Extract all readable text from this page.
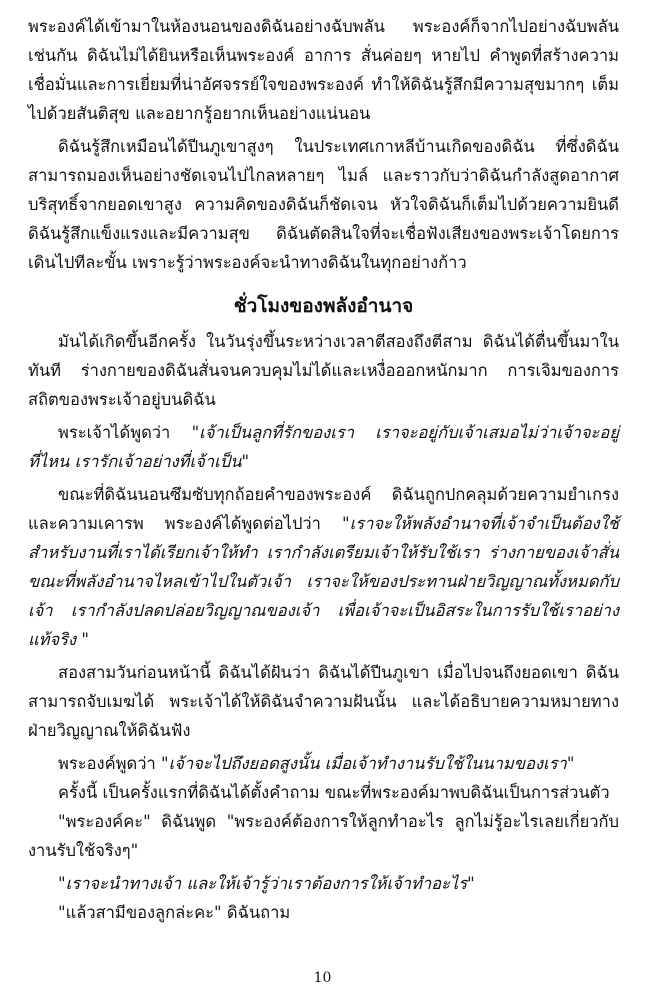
พระองค์ได้เข้ามาในห้องนอนของดิฉันอย่างฉับพลัน พระองค์ก็จากไปอย่างฉับพลันเช่นกัน ดิฉันไม่ได้ยินหรือเห็นพระองค์ อาการ สั่นค่อยๆ หายไป คำพูดที่สร้างความเชื่อมั่นและการเยี่ยมที่น่าอัศจรรย์ใจของพระองค์ ทำให้ดิฉันรู้สึกมีความสุขมากๆ เต็มไปด้วยสันติสุข และอยากรู้อยากเห็นอย่างแน่นอน

ดิฉันรู้สึกเหมือนได้ปีนภูเขาสูงๆ ในประเทศเกาหลีบ้านเกิดของดิฉัน ที่ซึ่งดิฉันสามารถมองเห็นอย่างชัดเจนไปไกลหลายๆ ไมล์ และราวกับว่าดิฉันกำลังสูดอากาศบริสุทธิ์จากยอดเขาสูง ความคิดของดิฉันก็ชัดเจน หัวใจดิฉันก็เต็มไปด้วยความยินดี ดิฉันรู้สึกแข็งแรงและมีความสุข ดิฉันตัดสินใจที่จะเชื่อฟังเสียงของพระเจ้าโดยการเดินไปทีละขั้น เพราะรู้ว่าพระองค์จะนำทางดิฉันในทุกอย่างก้าว

ชั่วโมงของพลังอำนาจ

มันได้เกิดขึ้นอีกครั้ง ในวันรุ่งขึ้นระหว่างเวลาตีสองถึงตีสาม ดิฉันได้ตื่นขึ้นมาในทันที ร่างกายของดิฉันสั่นจนควบคุมไม่ได้และเหงื่อออกหนักมาก การเจิมของการสถิตของพระเจ้าอยู่บนดิฉัน

พระเจ้าได้พูดว่า "เจ้าเป็นลูกที่รักของเรา เราจะอยู่กับเจ้าเสมอไม่ว่าเจ้าจะอยู่ที่ไหน เรารักเจ้าอย่างที่เจ้าเป็น"

ขณะที่ดิฉันนอนซึมซับทุกถ้อยคำของพระองค์ ดิฉันถูกปกคลุมด้วยความยำเกรงและความเคารพ พระองค์ได้พูดต่อไปว่า "เราจะให้พลังอำนาจที่เจ้าจำเป็นต้องใช้สำหรับงานที่เราได้เรียกเจ้าให้ทำ เรากำลังเตรียมเจ้าให้รับใช้เรา ร่างกายของเจ้าสั่นขณะที่พลังอำนาจไหลเข้าไปในตัวเจ้า เราจะให้ของประทานฝ่ายวิญญาณทั้งหมดกับเจ้า เรากำลังปลดปล่อยวิญญาณของเจ้า เพื่อเจ้าจะเป็นอิสระในการรับใช้เราอย่างแท้จริง "

สองสามวันก่อนหน้านี้ ดิฉันได้ฝันว่า ดิฉันได้ปีนภูเขา เมื่อไปจนถึงยอดเขา ดิฉันสามารถจับเมฆได้ พระเจ้าได้ให้ดิฉันจำความฝันนั้น และได้อธิบายความหมายทางฝ่ายวิญญาณให้ดิฉันฟัง

พระองค์พูดว่า "เจ้าจะไปถึงยอดสูงนั้น เมื่อเจ้าทำงานรับใช้ในนามของเรา"

ครั้งนี้ เป็นครั้งแรกที่ดิฉันได้ตั้งคำถาม ขณะที่พระองค์มาพบดิฉันเป็นการส่วนตัว

"พระองค์คะ" ดิฉันพูด "พระองค์ต้องการให้ลูกทำอะไร ลูกไม่รู้อะไรเลยเกี่ยวกับงานรับใช้จริงๆ"

"เราจะนำทางเจ้า และให้เจ้ารู้ว่าเราต้องการให้เจ้าทำอะไร"

"แล้วสามีของลูกล่ะคะ" ดิฉันถาม

10
